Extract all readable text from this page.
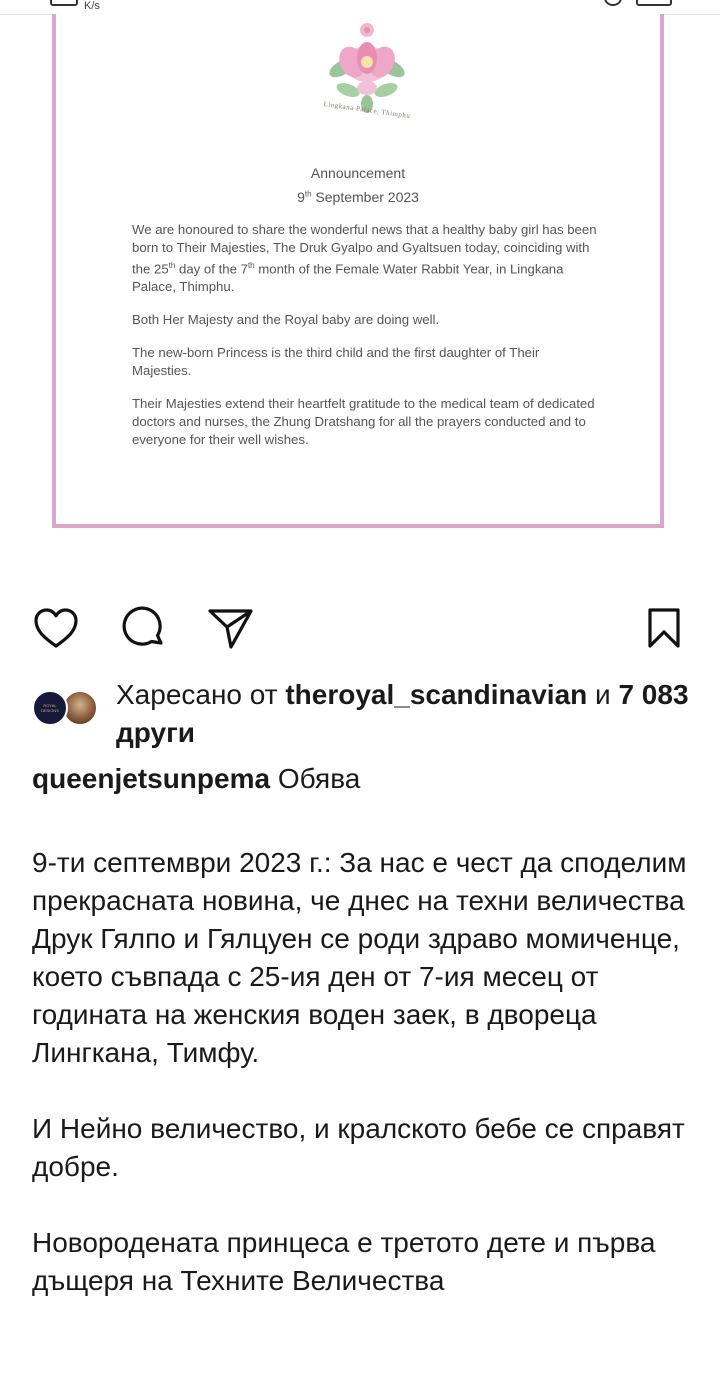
K/s
Lingkana Palace, Thimphu
Announcement
9th September 2023

We are honoured to share the wonderful news that a healthy baby girl has been born to Their Majesties, The Druk Gyalpo and Gyaltsuen today, coinciding with the 25th day of the 7th month of the Female Water Rabbit Year, in Lingkana Palace, Thimphu.

Both Her Majesty and the Royal baby are doing well.

The new-born Princess is the third child and the first daughter of Their Majesties.

Their Majesties extend their heartfelt gratitude to the medical team of dedicated doctors and nurses, the Zhung Dratshang for all the prayers conducted and to everyone for their well wishes.

ROYAL DESIGNS
Харесано от theroyal_scandinavian и 7 083 други
queenjetsunpema Обява

9-ти септември 2023 г.: За нас е чест да споделим прекрасната новина, че днес на техни величества Друк Гялпо и Гялцуен се роди здраво момиченце, което съвпада с 25-ия ден от 7-ия месец от годината на женския воден заек, в двореца Лингкана, Тимфу.

И Нейно величество, и кралското бебе се справят добре.

Новородената принцеса е третото дете и първа дъщеря на Техните Величества
